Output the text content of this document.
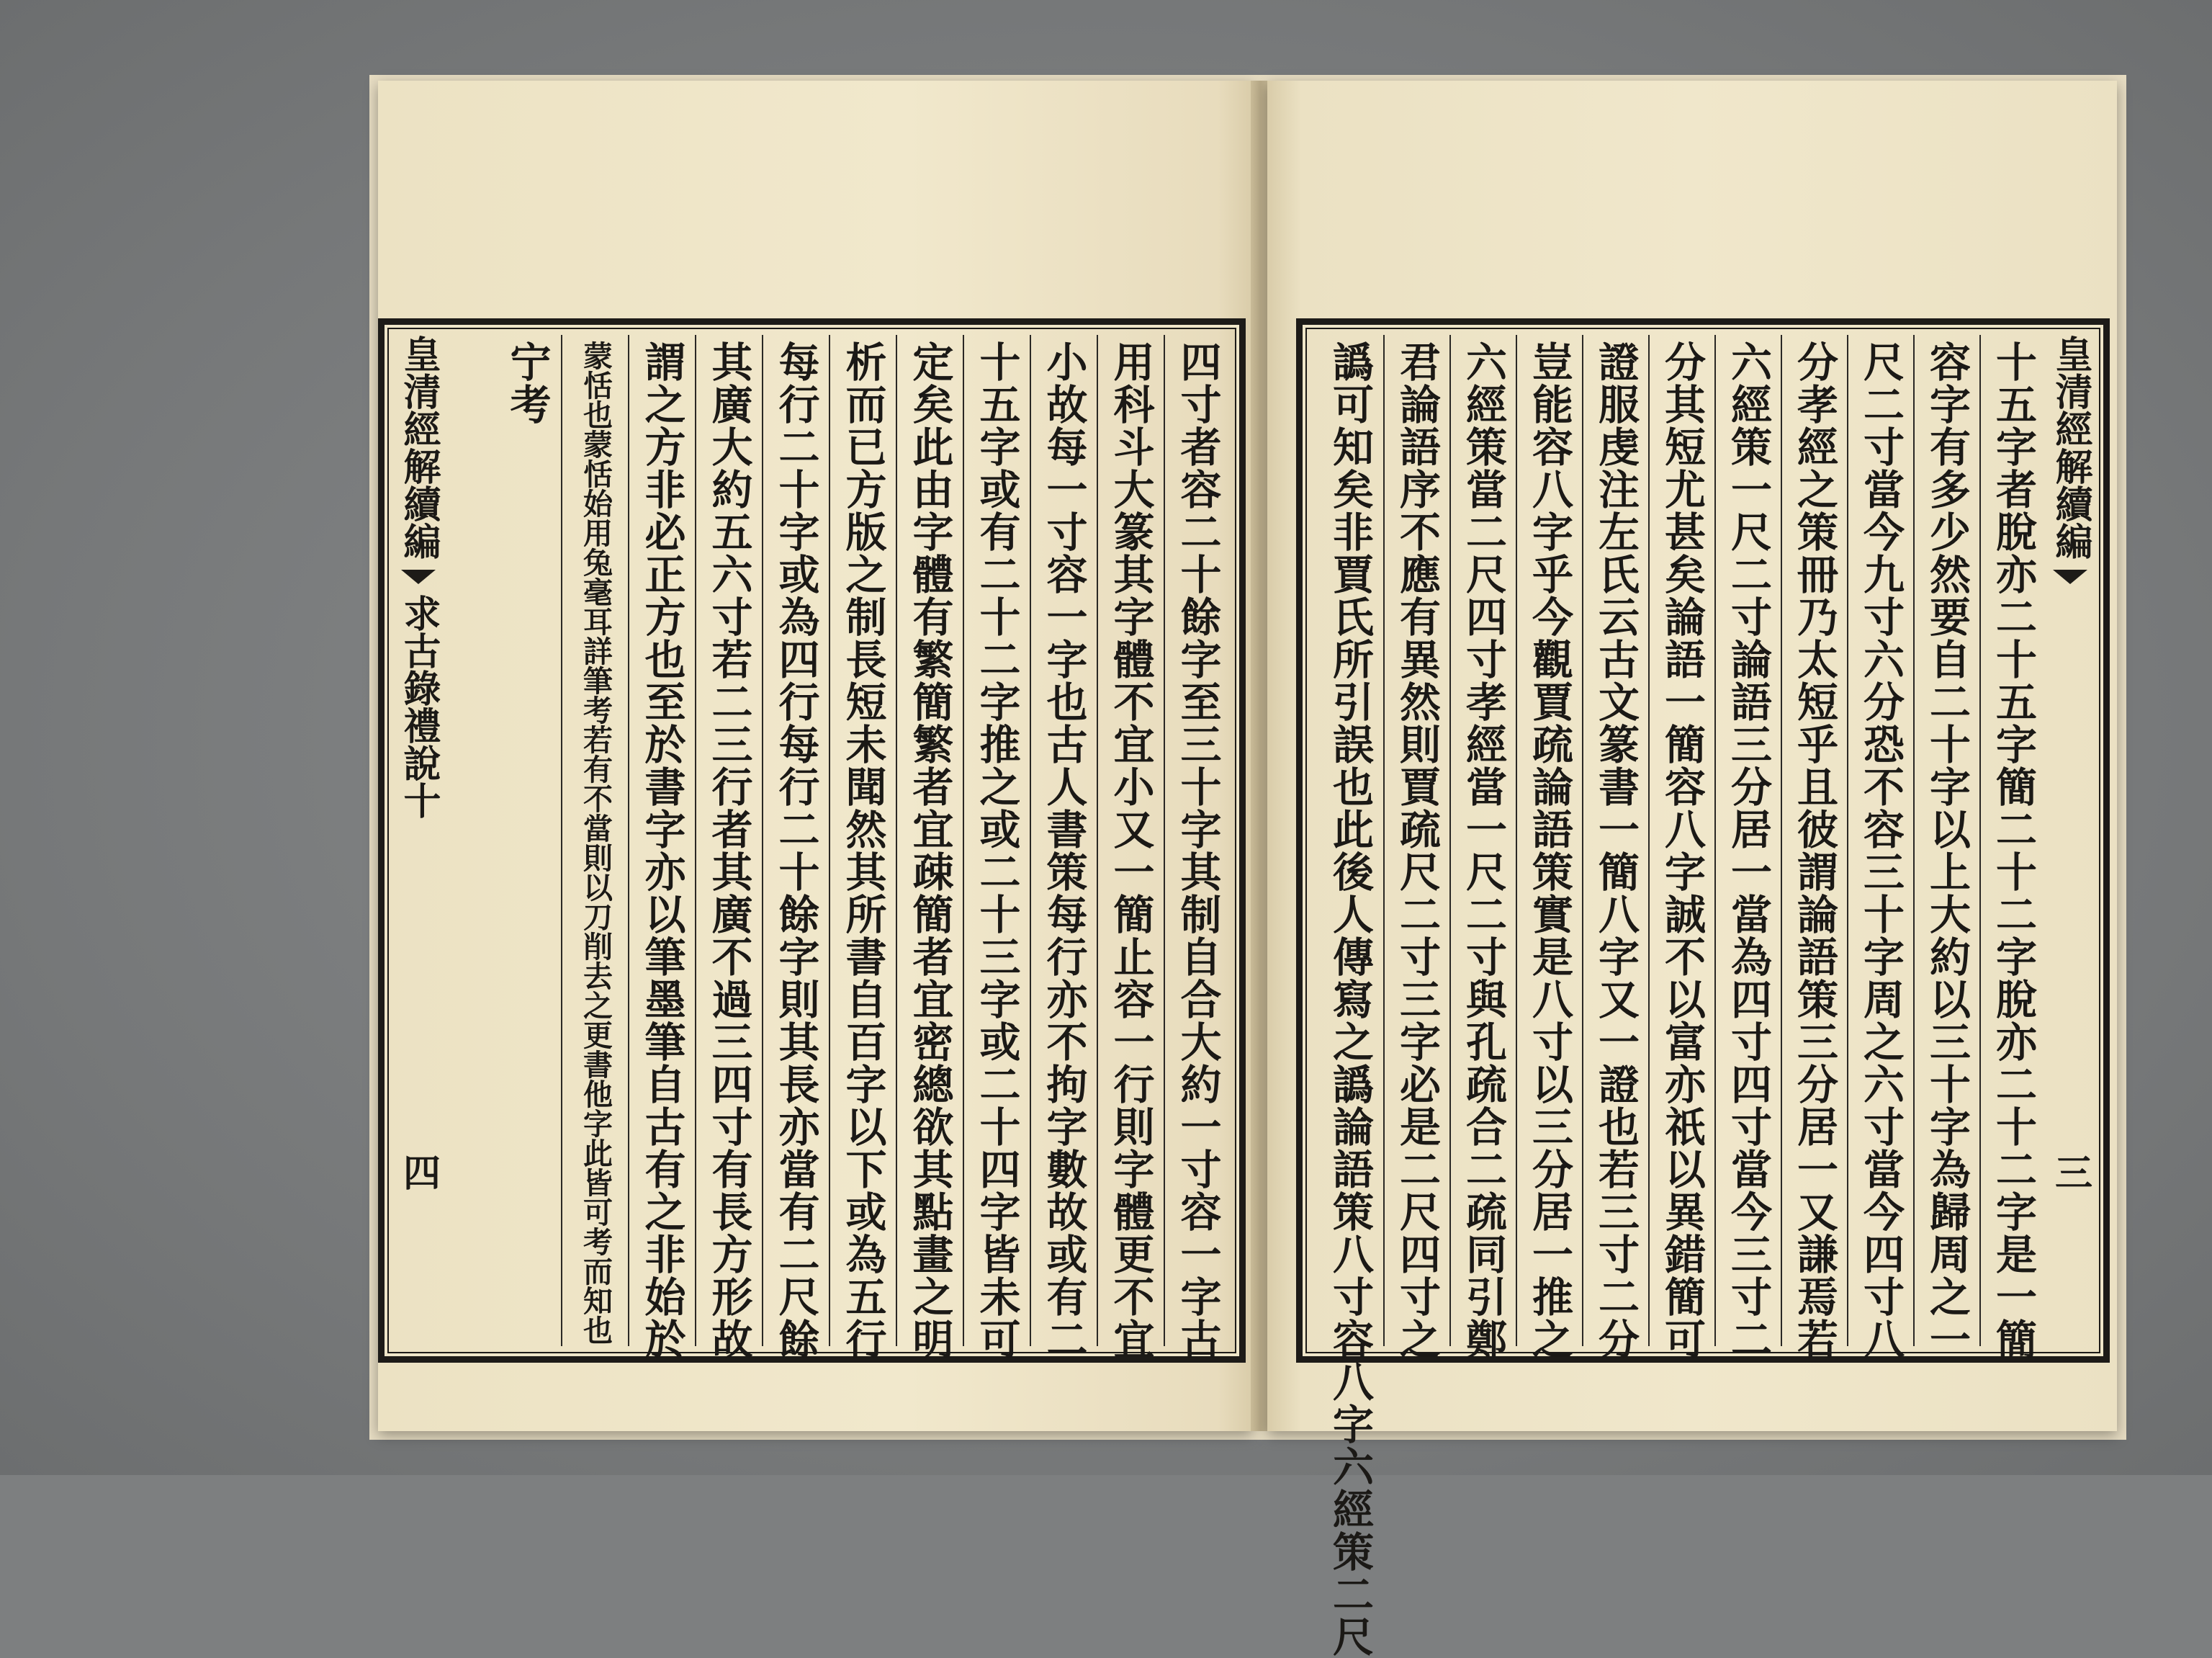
四寸者容二十餘字至三十字其制自合大約一寸容一字古
用科斗大篆其字體不宜小又一簡止容一行則字體更不宜
小故每一寸容一字也古人書策每行亦不拘字數故或有二
十五字或有二十二字推之或二十三字或二十四字皆未可
定矣此由字體有繁簡繁者宜疎簡者宜密總欲其點畫之明
析而已方版之制長短未聞然其所書自百字以下或為五行
每行二十字或為四行每行二十餘字則其長亦當有二尺餘
其廣大約五六寸若二三行者其廣不過三四寸有長方形故
謂之方非必正方也至於書字亦以筆墨筆自古有之非始於
蒙恬也蒙恬始用兔毫耳詳筆考若有不當則以刀削去之更書他字此皆可考而知也
宁考
皇清經解續編
求古錄禮說十
四	十五字者脫亦二十五字簡二十二字脫亦二十二字是一簡
容字有多少然要自二十字以上大約以三十字為歸周之一
尺二寸當今九寸六分恐不容三十字周之六寸當今四寸八
分孝經之策冊乃太短乎且彼謂論語策三分居一又謙焉若
六經策一尺二寸論語三分居一當為四寸四寸當今三寸二
分其短尤甚矣論語一簡容八字誠不以富亦祇以異錯簡可
證服虔注左氏云古文篆書一簡八字又一證也若三寸二分
豈能容八字乎今觀賈疏論語策實是八寸以三分居一推之
六經策當二尺四寸孝經當一尺二寸與孔疏合二疏同引鄭
君論語序不應有異然則賈疏尺二寸三字必是二尺四寸之
譌可知矣非賈氏所引誤也此後人傳寫之譌論語策八寸容八字六經策二尺	皇清經解續編
三
